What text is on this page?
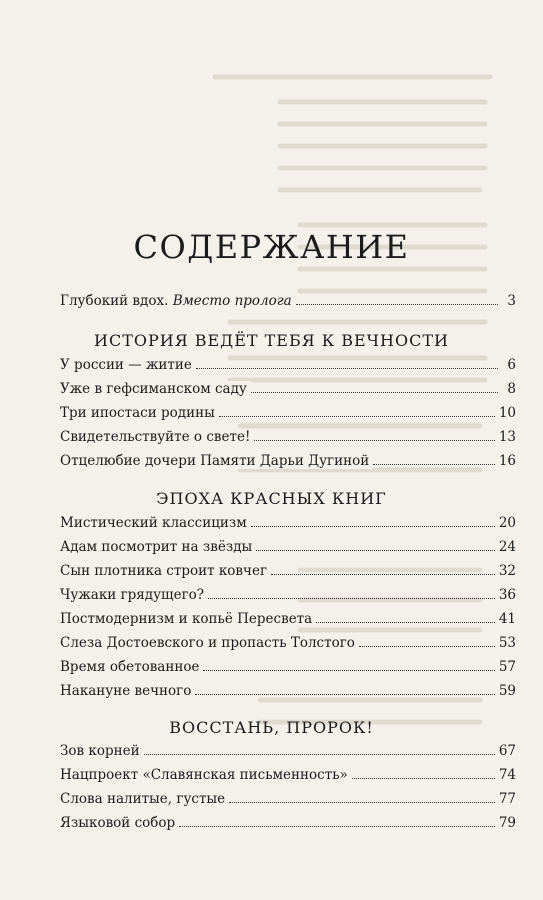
СОДЕРЖАНИЕ
Глубокий вдох. Вместо пролога	3
ИСТОРИЯ ВЕДЁТ ТЕБЯ К ВЕЧНОСТИ
У россии — житие	6
Уже в гефсиманском саду	8
Три ипостаси родины	10
Свидетельствуйте о свете!	13
Отцелюбие дочери Памяти Дарьи Дугиной	16
ЭПОХА КРАСНЫХ КНИГ
Мистический классицизм	20
Адам посмотрит на звёзды	24
Сын плотника строит ковчег	32
Чужаки грядущего?	36
Постмодернизм и копьё Пересвета	41
Слеза Достоевского и пропасть Толстого	53
Время обетованное	57
Накануне вечного	59
ВОССТАНЬ, ПРОРОК!
Зов корней	67
Нацпроект «Славянская письменность»	74
Слова налитые, густые	77
Языковой собор	79
